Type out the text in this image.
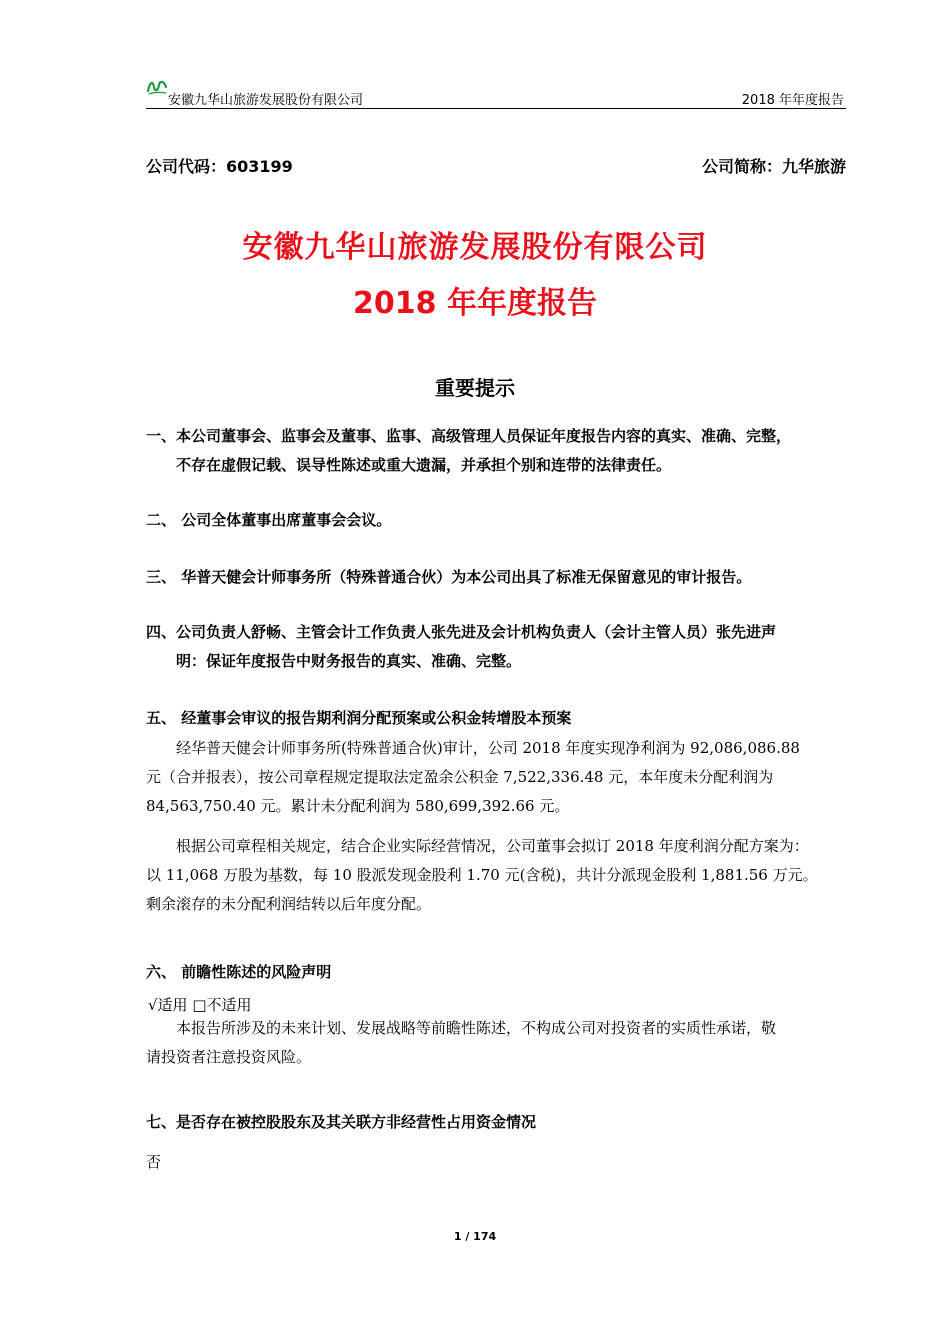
安徽九华山旅游发展股份有限公司	2018 年年度报告
公司代码：603199	公司简称：九华旅游
安徽九华山旅游发展股份有限公司
2018 年年度报告
重要提示
一、本公司董事会、监事会及董事、监事、高级管理人员保证年度报告内容的真实、准确、完整，
不存在虚假记载、误导性陈述或重大遗漏，并承担个别和连带的法律责任。
二、 公司全体董事出席董事会会议。
三、 华普天健会计师事务所（特殊普通合伙）为本公司出具了标准无保留意见的审计报告。
四、公司负责人舒畅、主管会计工作负责人张先进及会计机构负责人（会计主管人员）张先进声
明：保证年度报告中财务报告的真实、准确、完整。
五、 经董事会审议的报告期利润分配预案或公积金转增股本预案
经华普天健会计师事务所(特殊普通合伙)审计，公司 2018 年度实现净利润为 92,086,086.88
元（合并报表），按公司章程规定提取法定盈余公积金 7,522,336.48 元，本年度未分配利润为
84,563,750.40 元。累计未分配利润为 580,699,392.66 元。
根据公司章程相关规定，结合企业实际经营情况，公司董事会拟订 2018 年度利润分配方案为：
以 11,068 万股为基数，每 10 股派发现金股利 1.70 元(含税)，共计分派现金股利 1,881.56 万元。
剩余滚存的未分配利润结转以后年度分配。
六、 前瞻性陈述的风险声明
√适用 □不适用
本报告所涉及的未来计划、发展战略等前瞻性陈述，不构成公司对投资者的实质性承诺，敬
请投资者注意投资风险。
七、是否存在被控股股东及其关联方非经营性占用资金情况
否
1 / 174
